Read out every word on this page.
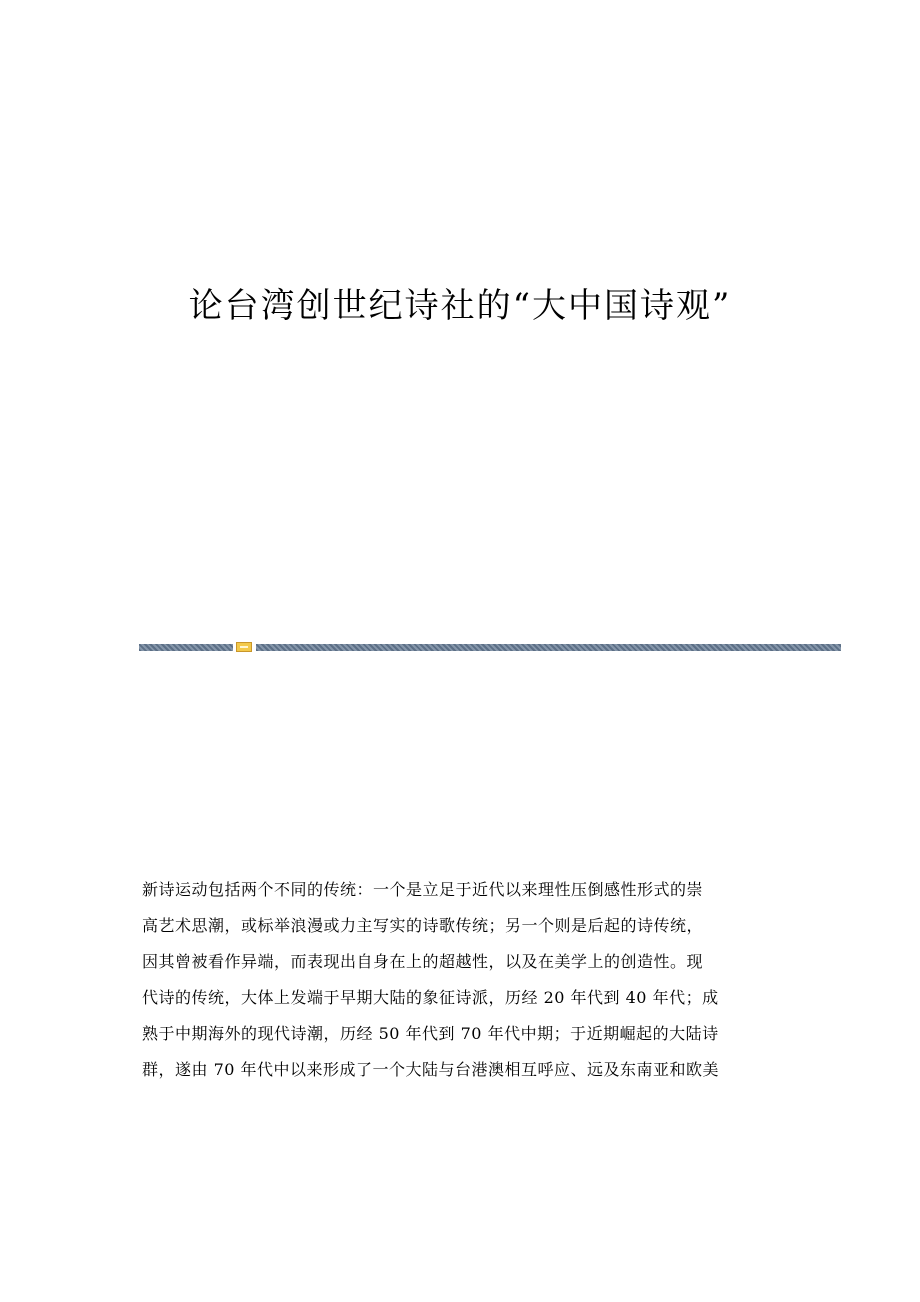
论台湾创世纪诗社的“大中国诗观”
新诗运动包括两个不同的传统：一个是立足于近代以来理性压倒感性形式的崇
高艺术思潮，或标举浪漫或力主写实的诗歌传统；另一个则是后起的诗传统，
因其曾被看作异端，而表现出自身在上的超越性，以及在美学上的创造性。现
代诗的传统，大体上发端于早期大陆的象征诗派，历经 20 年代到 40 年代；成
熟于中期海外的现代诗潮，历经 50 年代到 70 年代中期；于近期崛起的大陆诗
群，遂由 70 年代中以来形成了一个大陆与台港澳相互呼应、远及东南亚和欧美
